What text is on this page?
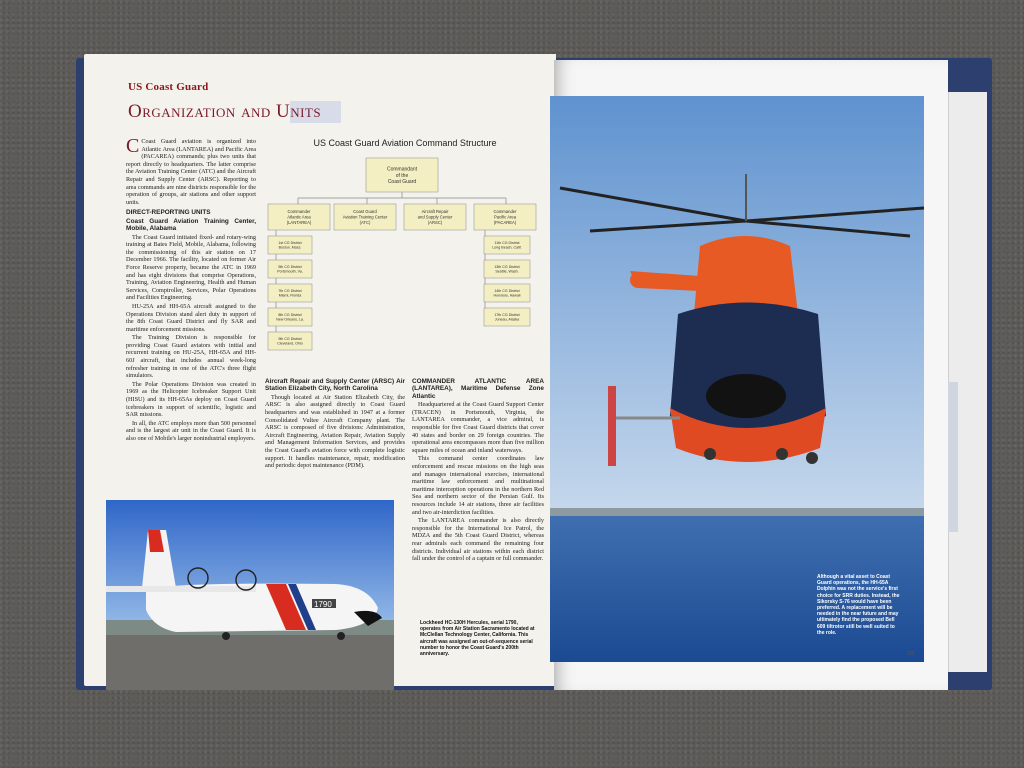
US Coast Guard
Organization and Units

C Coast Guard aviation is organized into Atlantic Area (LANTAREA) and Pacific Area (PACAREA) commands; plus two units that report directly to headquarters. The latter comprise the Aviation Training Center (ATC) and the Aircraft Repair and Supply Center (ARSC). Reporting to area commands are nine districts responsible for the operation of groups, air stations and other support units.

DIRECT-REPORTING UNITS
Coast Guard Aviation Training Center, Mobile, Alabama

The Coast Guard initiated fixed- and rotary-wing training at Bates Field, Mobile, Alabama, following the commissioning of this air station on 17 December 1966. The facility, located on former Air Force Reserve property, became the ATC in 1969 and has eight divisions that comprise Operations, Training, Aviation Engineering, Health and Human Services, Comptroller, Services, Polar Operations and Facilities Engineering.

HU-25A and HH-65A aircraft assigned to the Operations Division stand alert duty in support of the 8th Coast Guard District and fly SAR and maritime enforcement missions.

The Training Division is responsible for providing Coast Guard aviators with initial and recurrent training on HU-25A, HH-65A and HH-60J aircraft, that includes annual week-long refresher training in one of the ATC's three flight simulators.

The Polar Operations Division was created in 1969 as the Helicopter Icebreaker Support Unit (HISU) and its HH-65As deploy on Coast Guard icebreakers in support of scientific, logistic and SAR missions.

In all, the ATC employs more than 500 personnel and is the largest air unit in the Coast Guard. It is also one of Mobile's larger nonindustrial employers.

US Coast Guard Aviation Command Structure
Commandant
of the
Coast Guard
Commander
Atlantic Area
(LANTAREA)
Coast Guard
Aviation Training Center
(ATC)
Aircraft Repair
and Supply Center
(ARSC)
Commander
Pacific Area
(PACAREA)
1st CG District
Boston, Mass.
5th CG District
Portsmouth, Va.
7th CG District
Miami, Florida
8th CG District
New Orleans, La.
9th CG District
Cleveland, Ohio
11th CG District
Long Beach, Calif.
13th CG District
Seattle, Wash.
14th CG District
Honolulu, Hawaii
17th CG District
Juneau, Alaska
Aircraft Repair and Supply Center (ARSC) Air Station Elizabeth City, North Carolina

Though located at Air Station Elizabeth City, the ARSC is also assigned directly to Coast Guard headquarters and was established in 1947 at a former Consolidated Vultee Aircraft Company plant. The ARSC is composed of five divisions: Administration, Aircraft Engineering, Aviation Repair, Aviation Supply and Management Information Services, and provides the Coast Guard's aviation force with complete logistic support. It handles maintenance, repair, modification and periodic depot maintenance (PDM).

COMMANDER ATLANTIC AREA (LANTAREA), Maritime Defense Zone Atlantic

Headquartered at the Coast Guard Support Center (TRACEN) in Portsmouth, Virginia, the LANTAREA commander, a vice admiral, is responsible for five Coast Guard districts that cover 40 states and border on 29 foreign countries. The operational area encompasses more than five million square miles of ocean and inland waterways.

This command center coordinates law enforcement and rescue missions on the high seas and manages international exercises, international maritime law enforcement and multinational maritime interception operations in the northern Red Sea and northern sector of the Persian Gulf. Its resources include 14 air stations, three air facilities and two air-interdiction facilities.

The LANTAREA commander is also directly responsible for the International Ice Patrol, the MDZA and the 5th Coast Guard District, whereas rear admirals each command the remaining four districts. Individual air stations within each district fall under the control of a captain or full commander.

1790
Lockheed HC-130H Hercules, serial 1790, operates from Air Station Sacramento located at McClellan Technology Center, California. This aircraft was assigned an out-of-sequence serial number to honor the Coast Guard's 200th anniversary.
Although a vital asset to Coast Guard operations, the HH-65A Dolphin was not the service's first choice for SRR duties. Instead, the Sikorsky S-76 would have been preferred. A replacement will be needed in the near future and may ultimately find the proposed Bell 609 tiltrotor still be well suited to the role.
135
